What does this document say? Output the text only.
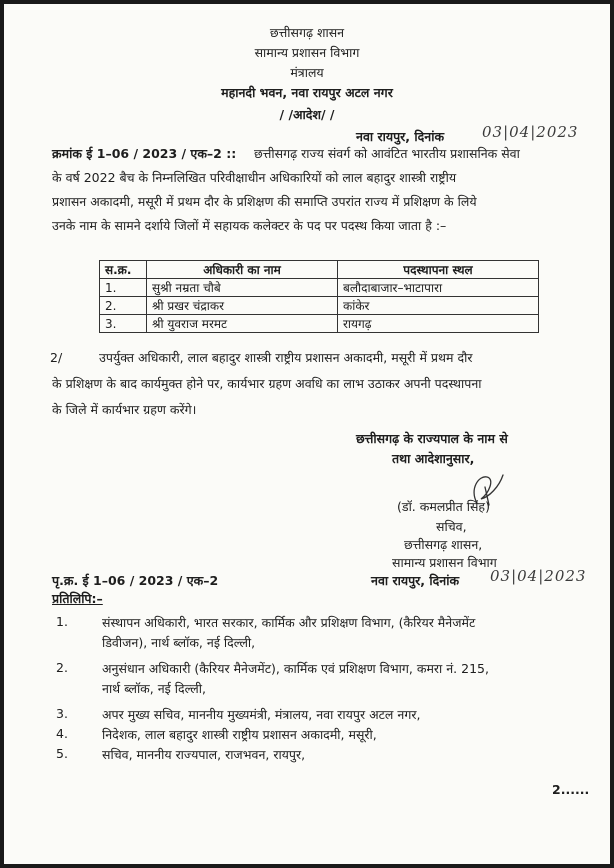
छत्तीसगढ़ शासन
सामान्य प्रशासन विभाग
मंत्रालय
महानदी भवन, नवा रायपुर अटल नगर
/ /आदेश/ /
नवा रायपुर, दिनांक	03|04|2023
क्रमांक ई 1–06 / 2023 / एक–2 :: छत्तीसगढ़ राज्य संवर्ग को आवंटित भारतीय प्रशासनिक सेवा
के वर्ष 2022 बैच के निम्नलिखित परिवीक्षाधीन अधिकारियों को लाल बहादुर शास्त्री राष्ट्रीय
प्रशासन अकादमी, मसूरी में प्रथम दौर के प्रशिक्षण की समाप्ति उपरांत राज्य में प्रशिक्षण के लिये
उनके नाम के सामने दर्शाये जिलों में सहायक कलेक्टर के पद पर पदस्थ किया जाता है :–
स.क्र.	अधिकारी का नाम	पदस्थापना स्थल
1.	सुश्री नम्रता चौबे	बलौदाबाजार–भाटापारा
2.	श्री प्रखर चंद्राकर	कांकेर
3.	श्री युवराज मरमट	रायगढ़
2/	उपर्युक्त अधिकारी, लाल बहादुर शास्त्री राष्ट्रीय प्रशासन अकादमी, मसूरी में प्रथम दौर
के प्रशिक्षण के बाद कार्यमुक्त होने पर, कार्यभार ग्रहण अवधि का लाभ उठाकर अपनी पदस्थापना
के जिले में कार्यभार ग्रहण करेंगे।
छत्तीसगढ़ के राज्यपाल के नाम से
तथा आदेशानुसार,
(डॉ. कमलप्रीत सिंह)
सचिव,
छत्तीसगढ़ शासन,
सामान्य प्रशासन विभाग
पृ.क्र. ई 1–06 / 2023 / एक–2	नवा रायपुर, दिनांक 03|04|2023
प्रतिलिपि:–
1.	संस्थापन अधिकारी, भारत सरकार, कार्मिक और प्रशिक्षण विभाग, (कैरियर मैनेजमेंट
डिवीजन), नार्थ ब्लॉक, नई दिल्ली,
2.	अनुसंधान अधिकारी (कैरियर मैनेजमेंट), कार्मिक एवं प्रशिक्षण विभाग, कमरा नं. 215,
नार्थ ब्लॉक, नई दिल्ली,
3.	अपर मुख्य सचिव, माननीय मुख्यमंत्री, मंत्रालय, नवा रायपुर अटल नगर,
4.	निदेशक, लाल बहादुर शास्त्री राष्ट्रीय प्रशासन अकादमी, मसूरी,
5.	सचिव, माननीय राज्यपाल, राजभवन, रायपुर,
2......
